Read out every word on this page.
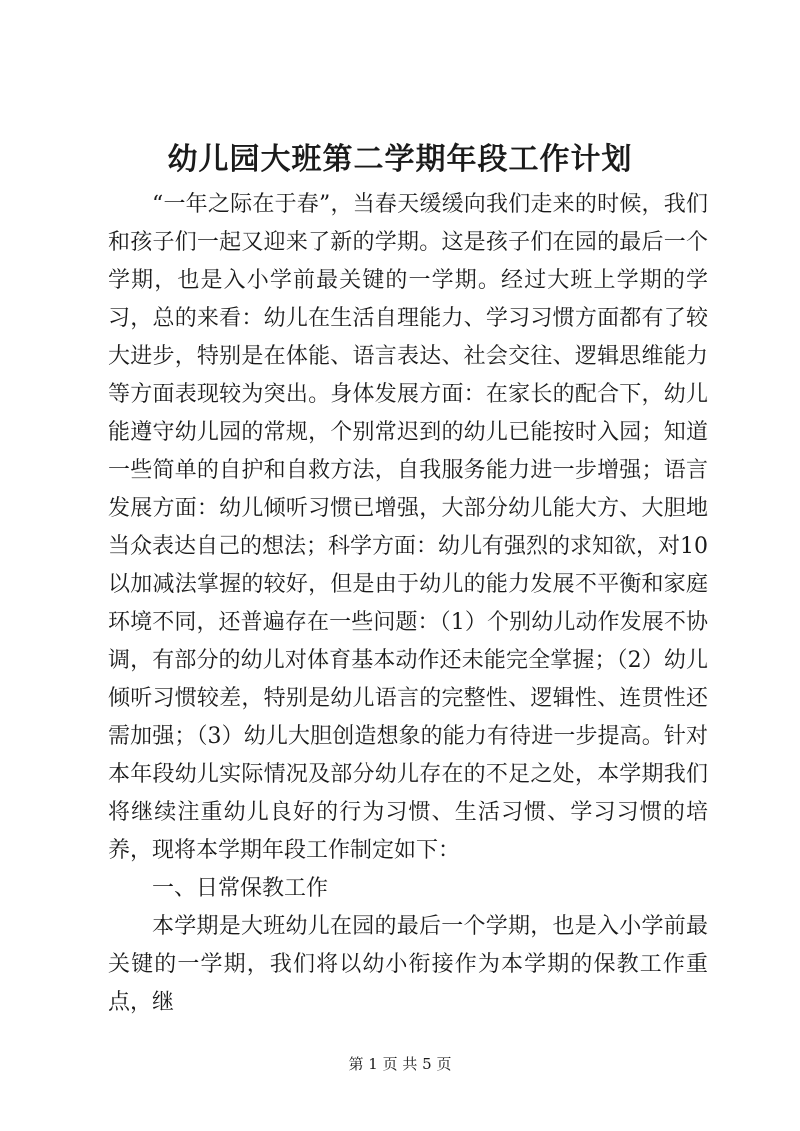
幼儿园大班第二学期年段工作计划

“一年之际在于春”，当春天缓缓向我们走来的时候，我们和孩子们一起又迎来了新的学期。这是孩子们在园的最后一个学期，也是入小学前最关键的一学期。经过大班上学期的学习，总的来看：幼儿在生活自理能力、学习习惯方面都有了较大进步，特别是在体能、语言表达、社会交往、逻辑思维能力等方面表现较为突出。身体发展方面：在家长的配合下，幼儿能遵守幼儿园的常规，个别常迟到的幼儿已能按时入园；知道一些简单的自护和自救方法，自我服务能力进一步增强；语言发展方面：幼儿倾听习惯已增强，大部分幼儿能大方、大胆地当众表达自己的想法；科学方面：幼儿有强烈的求知欲，对10以加减法掌握的较好，但是由于幼儿的能力发展不平衡和家庭环境不同，还普遍存在一些问题：（1）个别幼儿动作发展不协调，有部分的幼儿对体育基本动作还未能完全掌握；（2）幼儿倾听习惯较差，特别是幼儿语言的完整性、逻辑性、连贯性还需加强；（3）幼儿大胆创造想象的能力有待进一步提高。针对本年段幼儿实际情况及部分幼儿存在的不足之处，本学期我们将继续注重幼儿良好的行为习惯、生活习惯、学习习惯的培养，现将本学期年段工作制定如下：

一、日常保教工作

本学期是大班幼儿在园的最后一个学期，也是入小学前最关键的一学期，我们将以幼小衔接作为本学期的保教工作重点，继

第 1 页 共 5 页
